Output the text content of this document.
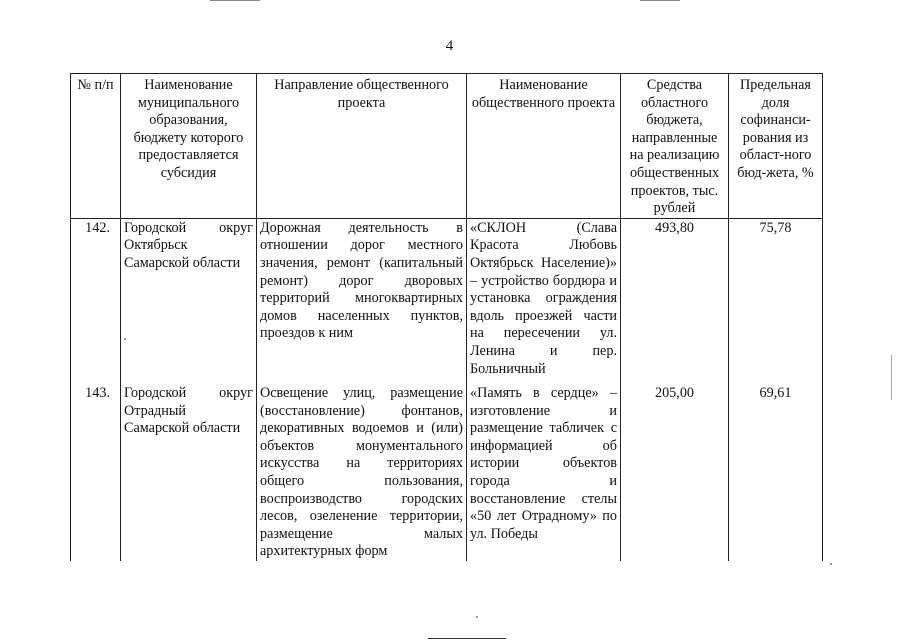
4
№ п/п	Наименование муниципального образования, бюджету которого предоставляется субсидия	Направление общественного проекта	Наименование общественного проекта	Средства областного бюджета, направленные на реализацию общественных проектов, тыс. рублей	Предельная доля софинанси-рования из област-ного бюд-жета, %
142.	Городской округ Октябрьск Самарской области	Дорожная деятельность в отношении дорог местного значения, ремонт (капитальный ремонт) дорог дворовых территорий многоквартирных домов населенных пунктов, проездов к ним	«СКЛОН (Слава Красота Любовь Октябрьск Население)» – устройство бордюра и установка ограждения вдоль проезжей части на пересечении ул. Ленина и пер. Больничный	493,80	75,78
143.	Городской округ Отрадный Самарской области	Освещение улиц, размещение (восстановление) фонтанов, декоративных водоемов и (или) объектов монументального искусства на территориях общего пользования, воспроизводство городских лесов, озеленение территории, размещение малых архитектурных форм	«Память в сердце» – изготовление и размещение табличек с информацией об истории объектов города и восстановление стелы «50 лет Отрадному» по ул. Победы	205,00	69,61
